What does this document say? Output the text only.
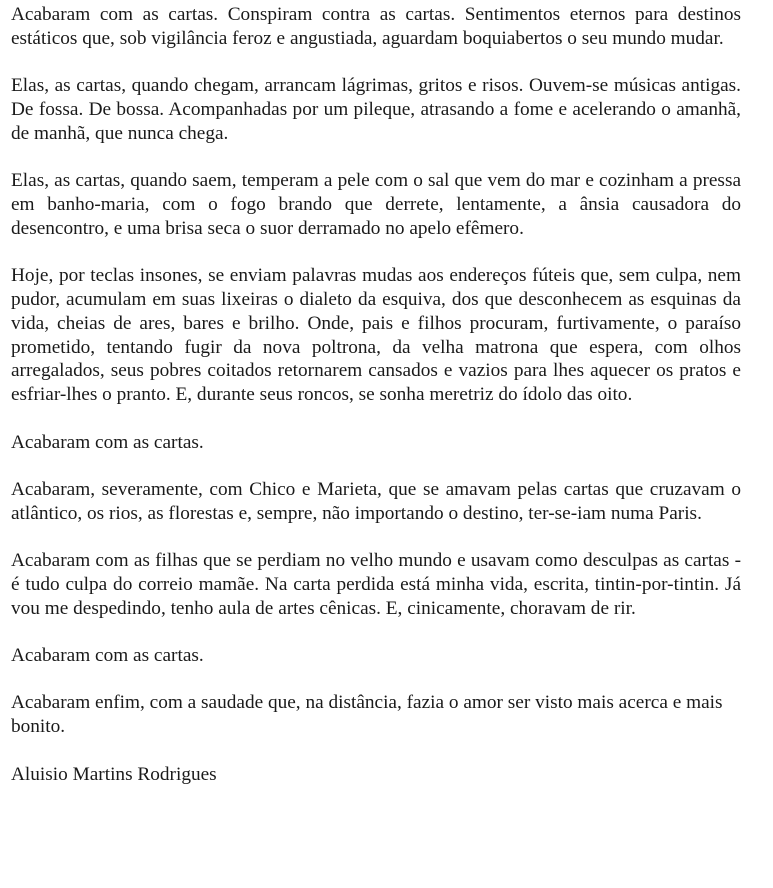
Acabaram com as cartas. Conspiram contra as cartas. Sentimentos eternos para destinos estáticos que, sob vigilância feroz e angustiada, aguardam boquiabertos o seu mundo mudar.

Elas, as cartas, quando chegam, arrancam lágrimas, gritos e risos. Ouvem-se músicas antigas. De fossa. De bossa. Acompanhadas por um pileque, atrasando a fome e acelerando o amanhã, de manhã, que nunca chega.

Elas, as cartas, quando saem, temperam a pele com o sal que vem do mar e cozinham a pressa em banho-maria, com o fogo brando que derrete, lentamente, a ânsia causadora do desencontro, e uma brisa seca o suor derramado no apelo efêmero.

Hoje, por teclas insones, se enviam palavras mudas aos endereços fúteis que, sem culpa, nem pudor, acumulam em suas lixeiras o dialeto da esquiva, dos que desconhecem as esquinas da vida, cheias de ares, bares e brilho. Onde, pais e filhos procuram, furtivamente, o paraíso prometido, tentando fugir da nova poltrona, da velha matrona que espera, com olhos arregalados, seus pobres coitados retornarem cansados e vazios para lhes aquecer os pratos e esfriar-lhes o pranto. E, durante seus roncos, se sonha meretriz do ídolo das oito.

Acabaram com as cartas.

Acabaram, severamente, com Chico e Marieta, que se amavam pelas cartas que cruzavam o atlântico, os rios, as florestas e, sempre, não importando o destino, ter-se-iam numa Paris.

Acabaram com as filhas que se perdiam no velho mundo e usavam como desculpas as cartas - é tudo culpa do correio mamãe. Na carta perdida está minha vida, escrita, tintin-por-tintin. Já vou me despedindo, tenho aula de artes cênicas. E, cinicamente, choravam de rir.

Acabaram com as cartas.

Acabaram enfim, com a saudade que, na distância, fazia o amor ser visto mais acerca e mais bonito.

Aluisio Martins Rodrigues
